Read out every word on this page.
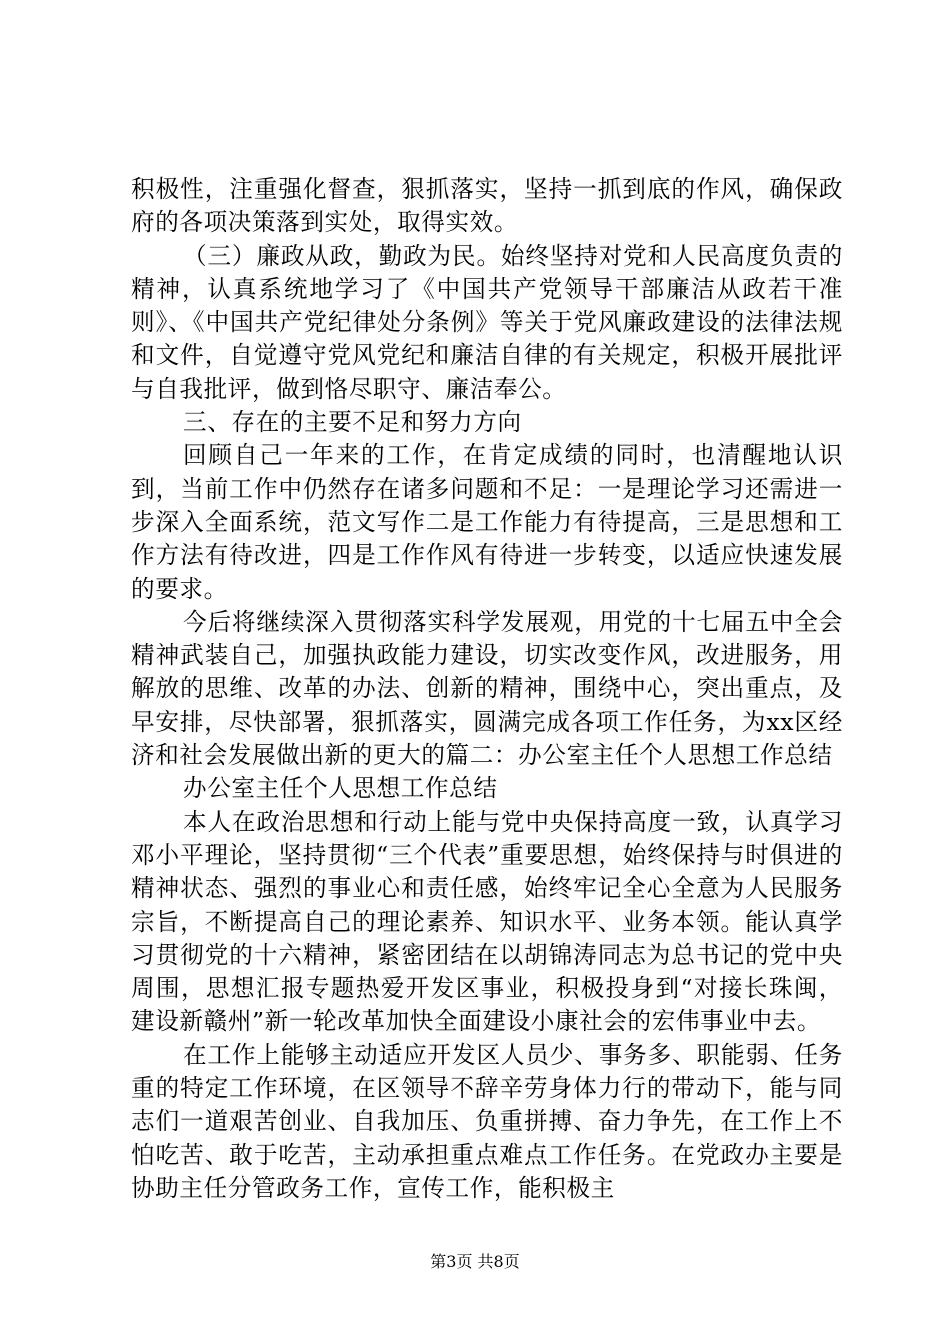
积极性，注重强化督查，狠抓落实，坚持一抓到底的作风，确保政府的各项决策落到实处，取得实效。

（三）廉政从政，勤政为民。始终坚持对党和人民高度负责的精神，认真系统地学习了《中国共产党领导干部廉洁从政若干准则》、《中国共产党纪律处分条例》等关于党风廉政建设的法律法规和文件，自觉遵守党风党纪和廉洁自律的有关规定，积极开展批评与自我批评，做到恪尽职守、廉洁奉公。

三、存在的主要不足和努力方向

回顾自己一年来的工作，在肯定成绩的同时，也清醒地认识到，当前工作中仍然存在诸多问题和不足：一是理论学习还需进一步深入全面系统，范文写作二是工作能力有待提高，三是思想和工作方法有待改进，四是工作作风有待进一步转变，以适应快速发展的要求。

今后将继续深入贯彻落实科学发展观，用党的十七届五中全会精神武装自己，加强执政能力建设，切实改变作风，改进服务，用解放的思维、改革的办法、创新的精神，围绕中心，突出重点，及早安排，尽快部署，狠抓落实，圆满完成各项工作任务，为xx区经济和社会发展做出新的更大的篇二：办公室主任个人思想工作总结

办公室主任个人思想工作总结

本人在政治思想和行动上能与党中央保持高度一致，认真学习邓小平理论，坚持贯彻“三个代表”重要思想，始终保持与时俱进的精神状态、强烈的事业心和责任感，始终牢记全心全意为人民服务宗旨，不断提高自己的理论素养、知识水平、业务本领。能认真学习贯彻党的十六精神，紧密团结在以胡锦涛同志为总书记的党中央周围，思想汇报专题热爱开发区事业，积极投身到“对接长珠闽，建设新赣州”新一轮改革加快全面建设小康社会的宏伟事业中去。

在工作上能够主动适应开发区人员少、事务多、职能弱、任务重的特定工作环境，在区领导不辞辛劳身体力行的带动下，能与同志们一道艰苦创业、自我加压、负重拼搏、奋力争先，在工作上不怕吃苦、敢于吃苦，主动承担重点难点工作任务。在党政办主要是协助主任分管政务工作，宣传工作，能积极主

第3页 共8页
